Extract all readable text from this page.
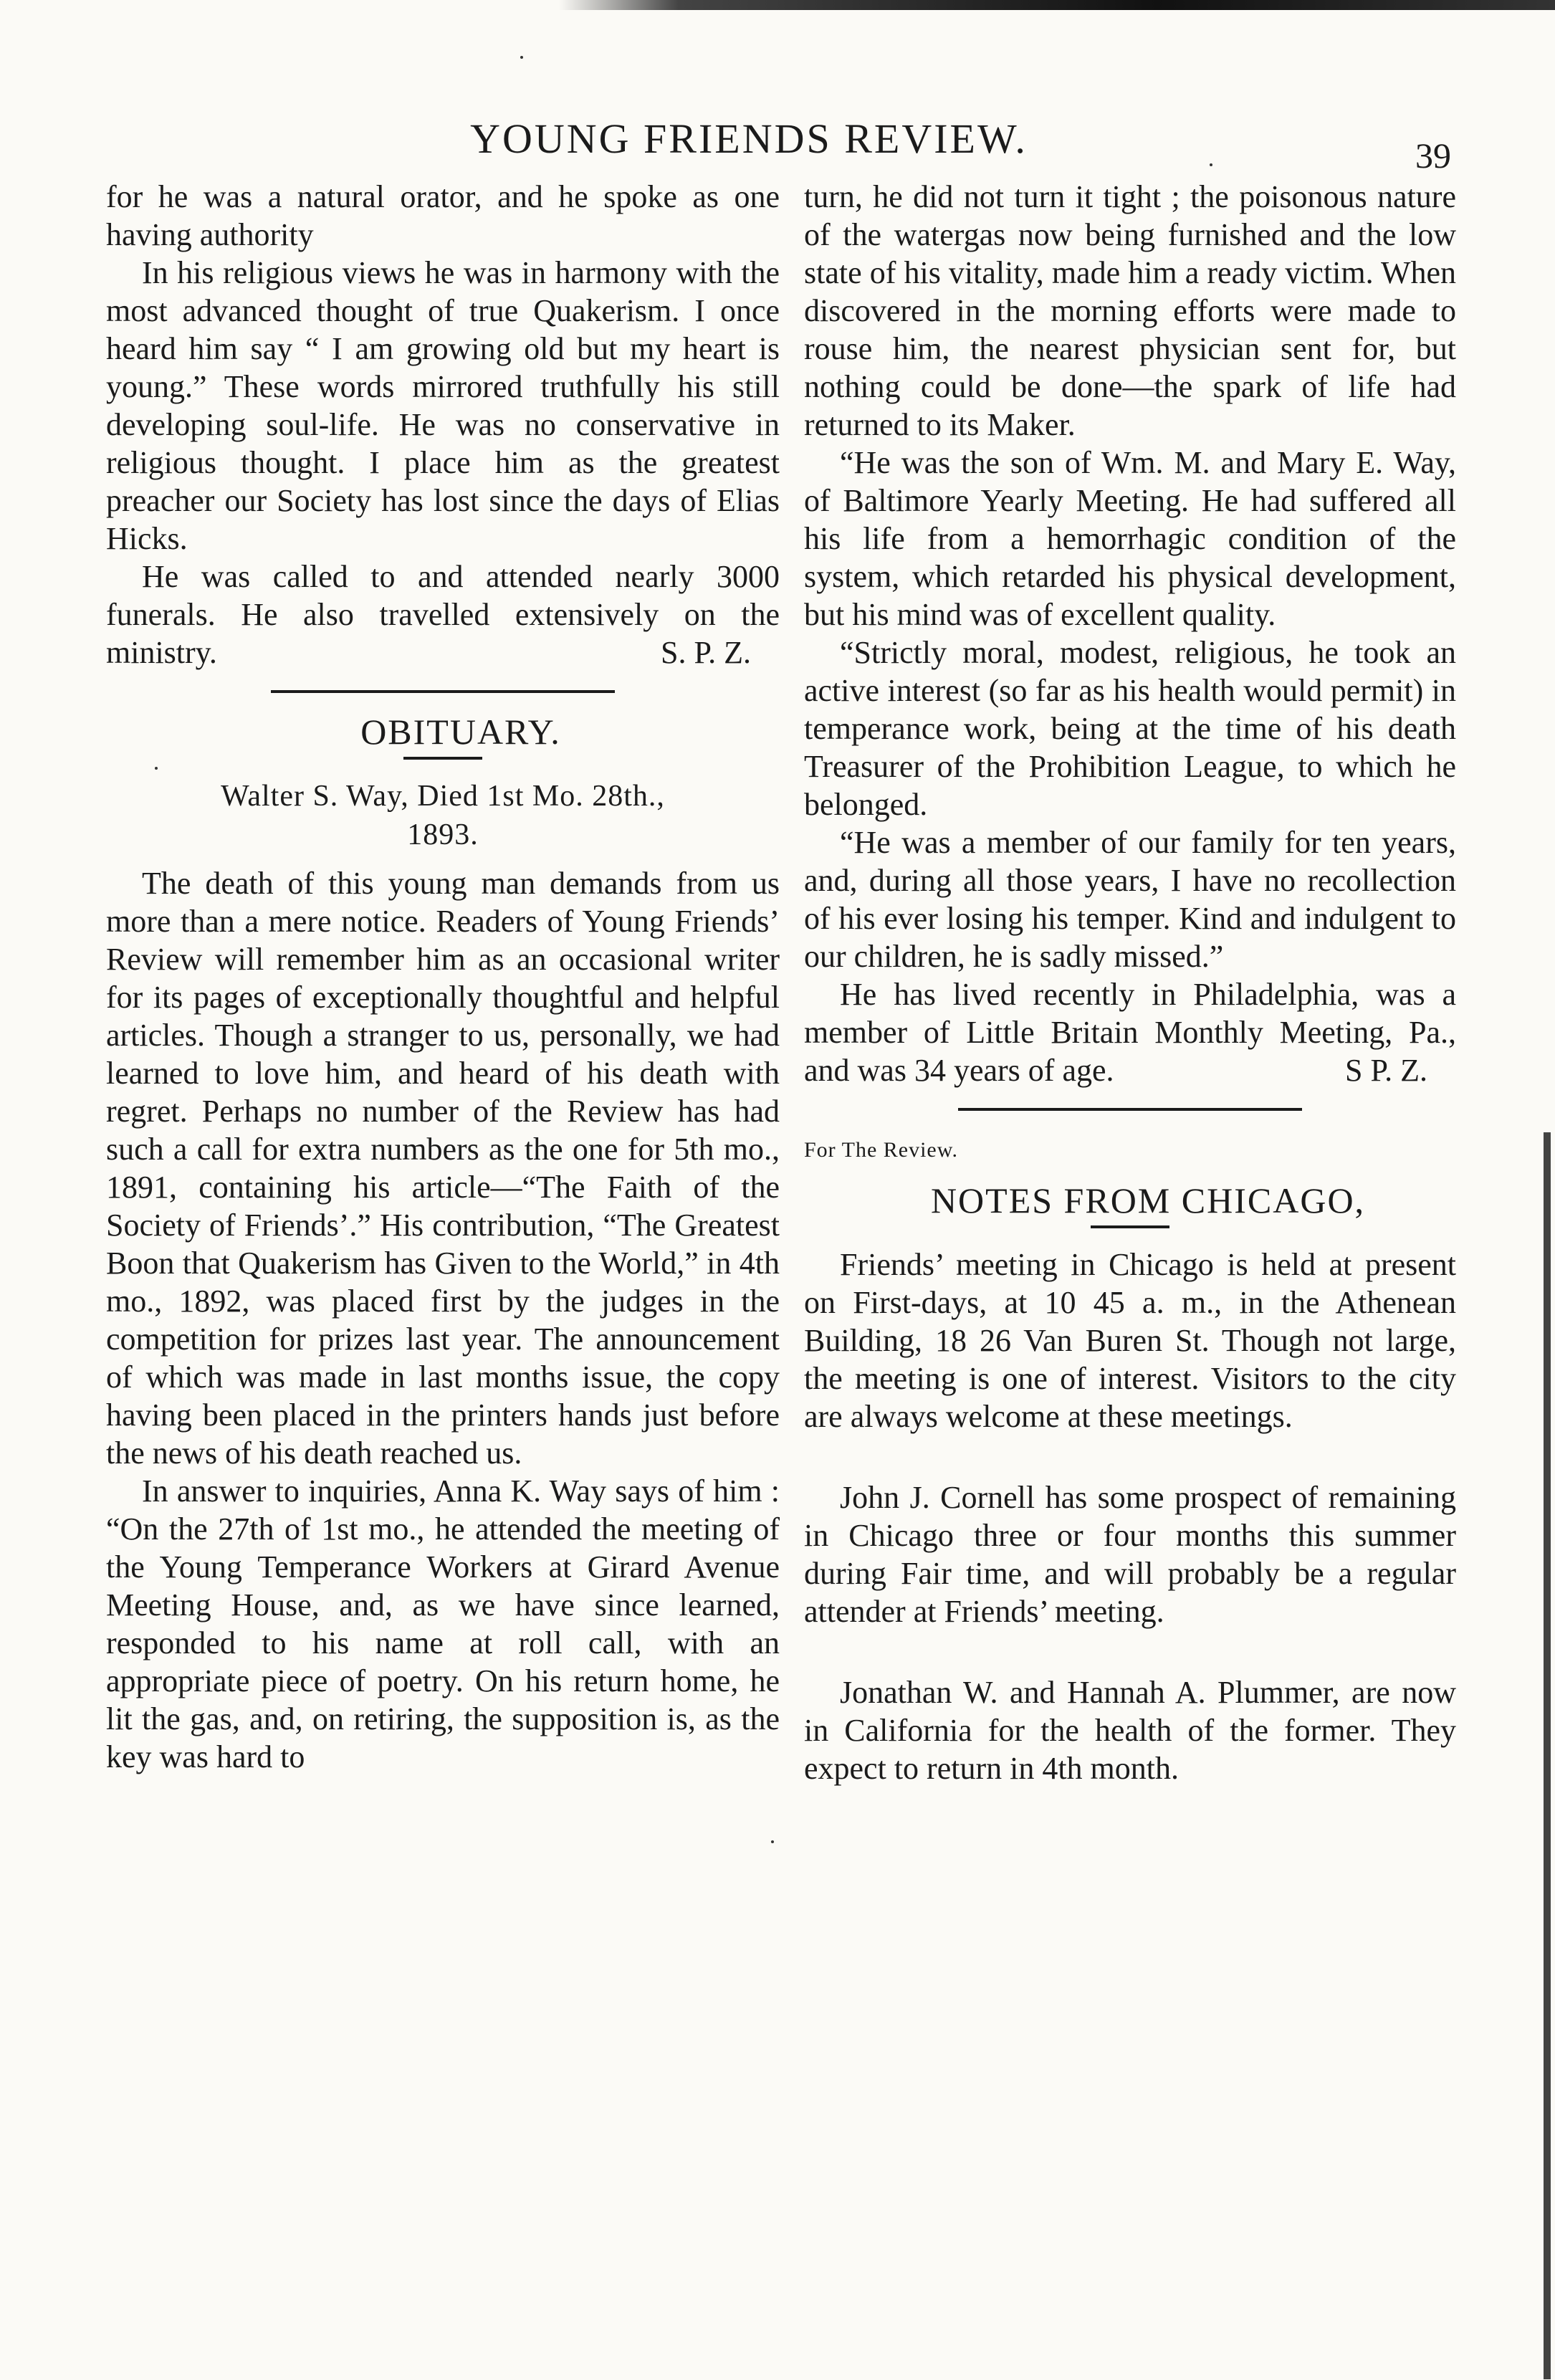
YOUNG FRIENDS REVIEW.	39

for he was a natural orator, and he spoke as one having authority

In his religious views he was in harmony with the most advanced thought of true Quakerism. I once heard him say “ I am growing old but my heart is young.” These words mirrored truthfully his still developing soul-life. He was no conservative in religious thought. I place him as the greatest preacher our Society has lost since the days of Elias Hicks.

He was called to and attended nearly 3000 funerals. He also travelled extensively on the ministry.	S. P. Z.

OBITUARY.

Walter S. Way, Died 1st Mo. 28th.,
1893.

The death of this young man demands from us more than a mere notice. Readers of Young Friends’ Review will remember him as an occasional writer for its pages of exceptionally thoughtful and helpful articles. Though a stranger to us, personally, we had learned to love him, and heard of his death with regret. Perhaps no number of the Review has had such a call for extra numbers as the one for 5th mo., 1891, containing his article—“The Faith of the Society of Friends’.” His contribution, “The Greatest Boon that Quakerism has Given to the World,” in 4th mo., 1892, was placed first by the judges in the competition for prizes last year. The announcement of which was made in last months issue, the copy having been placed in the printers hands just before the news of his death reached us.

In answer to inquiries, Anna K. Way says of him : “On the 27th of 1st mo., he attended the meeting of the Young Temperance Workers at Girard Avenue Meeting House, and, as we have since learned, responded to his name at roll call, with an appropriate piece of poetry. On his return home, he lit the gas, and, on retiring, the supposition is, as the key was hard to

turn, he did not turn it tight ; the poisonous nature of the watergas now being furnished and the low state of his vitality, made him a ready victim. When discovered in the morning efforts were made to rouse him, the nearest physician sent for, but nothing could be done—the spark of life had returned to its Maker.

“He was the son of Wm. M. and Mary E. Way, of Baltimore Yearly Meeting. He had suffered all his life from a hemorrhagic condition of the system, which retarded his physical development, but his mind was of excellent quality.

“Strictly moral, modest, religious, he took an active interest (so far as his health would permit) in temperance work, being at the time of his death Treasurer of the Prohibition League, to which he belonged.

“He was a member of our family for ten years, and, during all those years, I have no recollection of his ever losing his temper. Kind and indulgent to our children, he is sadly missed.”

He has lived recently in Philadelphia, was a member of Little Britain Monthly Meeting, Pa., and was 34 years of age.	S P. Z.

For The Review.

NOTES FROM CHICAGO,

Friends’ meeting in Chicago is held at present on First-days, at 10 45 a. m., in the Athenean Building, 18 26 Van Buren St. Though not large, the meeting is one of interest. Visitors to the city are always welcome at these meetings.

John J. Cornell has some prospect of remaining in Chicago three or four months this summer during Fair time, and will probably be a regular attender at Friends’ meeting.

Jonathan W. and Hannah A. Plummer, are now in California for the health of the former. They expect to return in 4th month.
